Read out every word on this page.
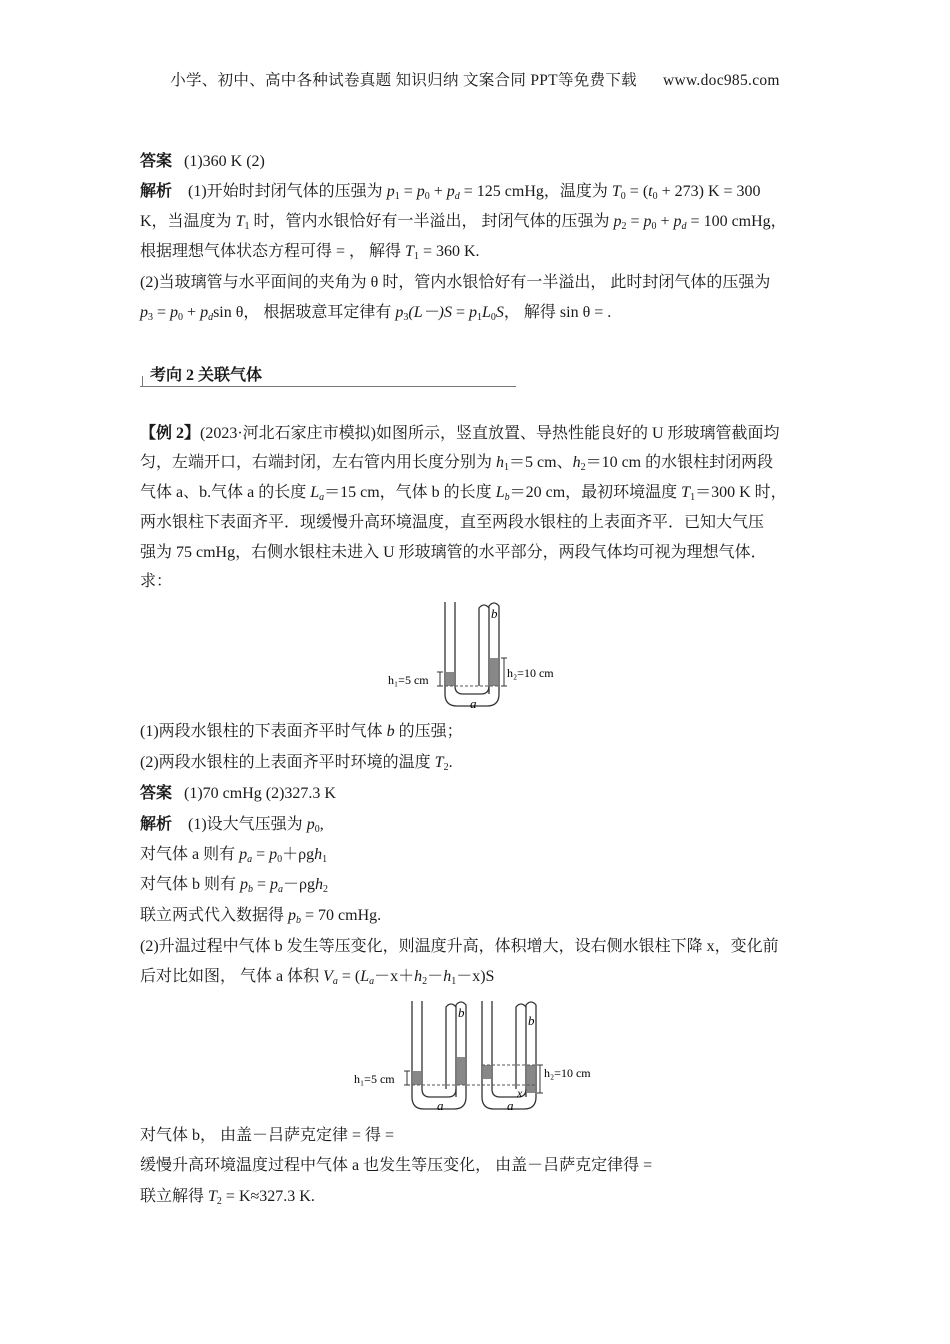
小学、初中、高中各种试卷真题 知识归纳 文案合同 PPT等免费下载 www.doc985.com
答案 (1)360 K (2)
解析 (1)开始时封闭气体的压强为 $p_1 = p_0 + p_d = 125$ cmHg，温度为 $T_0 = (t_0 + 273) K = 300$
K，当温度为 $T_1$ 时，管内水银恰好有一半溢出， 封闭气体的压强为 $p_2 = p_0 + p_d = 100$ cmHg，
根据理想气体状态方程可得 = ， 解得 $T_1 = 360$ K.
(2)当玻璃管与水平面间的夹角为 θ 时，管内水银恰好有一半溢出， 此时封闭气体的压强为
$p_3 = p_0 + p_d\sin$ θ， 根据玻意耳定律有 $p_3(L-)S = p_1L_0S$， 解得 sin θ = .
考向 2 关联气体
【例 2】(2023·河北石家庄市模拟)如图所示，竖直放置、导热性能良好的 U 形玻璃管截面均
匀，左端开口，右端封闭，左右管内用长度分别为 $h_1=5$ cm、$h_2=10$ cm 的水银柱封闭两段
气体 a、b.气体 a 的长度 $L_a=15$ cm，气体 b 的长度 $L_b=20$ cm，最初环境温度 $T_1=300$ K 时，
两水银柱下表面齐平．现缓慢升高环境温度，直至两段水银柱的上表面齐平．已知大气压
强为 75 cmHg，右侧水银柱未进入 U 形玻璃管的水平部分，两段气体均可视为理想气体．
求：
b
a
h₁=5 cm	h₂=10 cm
(1)两段水银柱的下表面齐平时气体 b 的压强；
(2)两段水银柱的上表面齐平时环境的温度 $T_2$.
答案 (1)70 cmHg (2)327.3 K
解析 (1)设大气压强为 $p_0$,
对气体 a 则有 $p_a = p_0+\rho gh_1$
对气体 b 则有 $p_b = p_a-\rho gh_2$
联立两式代入数据得 $p_b = 70$ cmHg.
(2)升温过程中气体 b 发生等压变化，则温度升高，体积增大，设右侧水银柱下降 x，变化前
后对比如图， 气体 a 体积 $V_a = (L_a-x+h_2-h_1-x)S$
b
b
a	a
x
h₁=5 cm	h₂=10 cm
对气体 b， 由盖－吕萨克定律 = 得 =
缓慢升高环境温度过程中气体 a 也发生等压变化， 由盖－吕萨克定律得 =
联立解得 $T_2 = K\approx 327.3$ K.
